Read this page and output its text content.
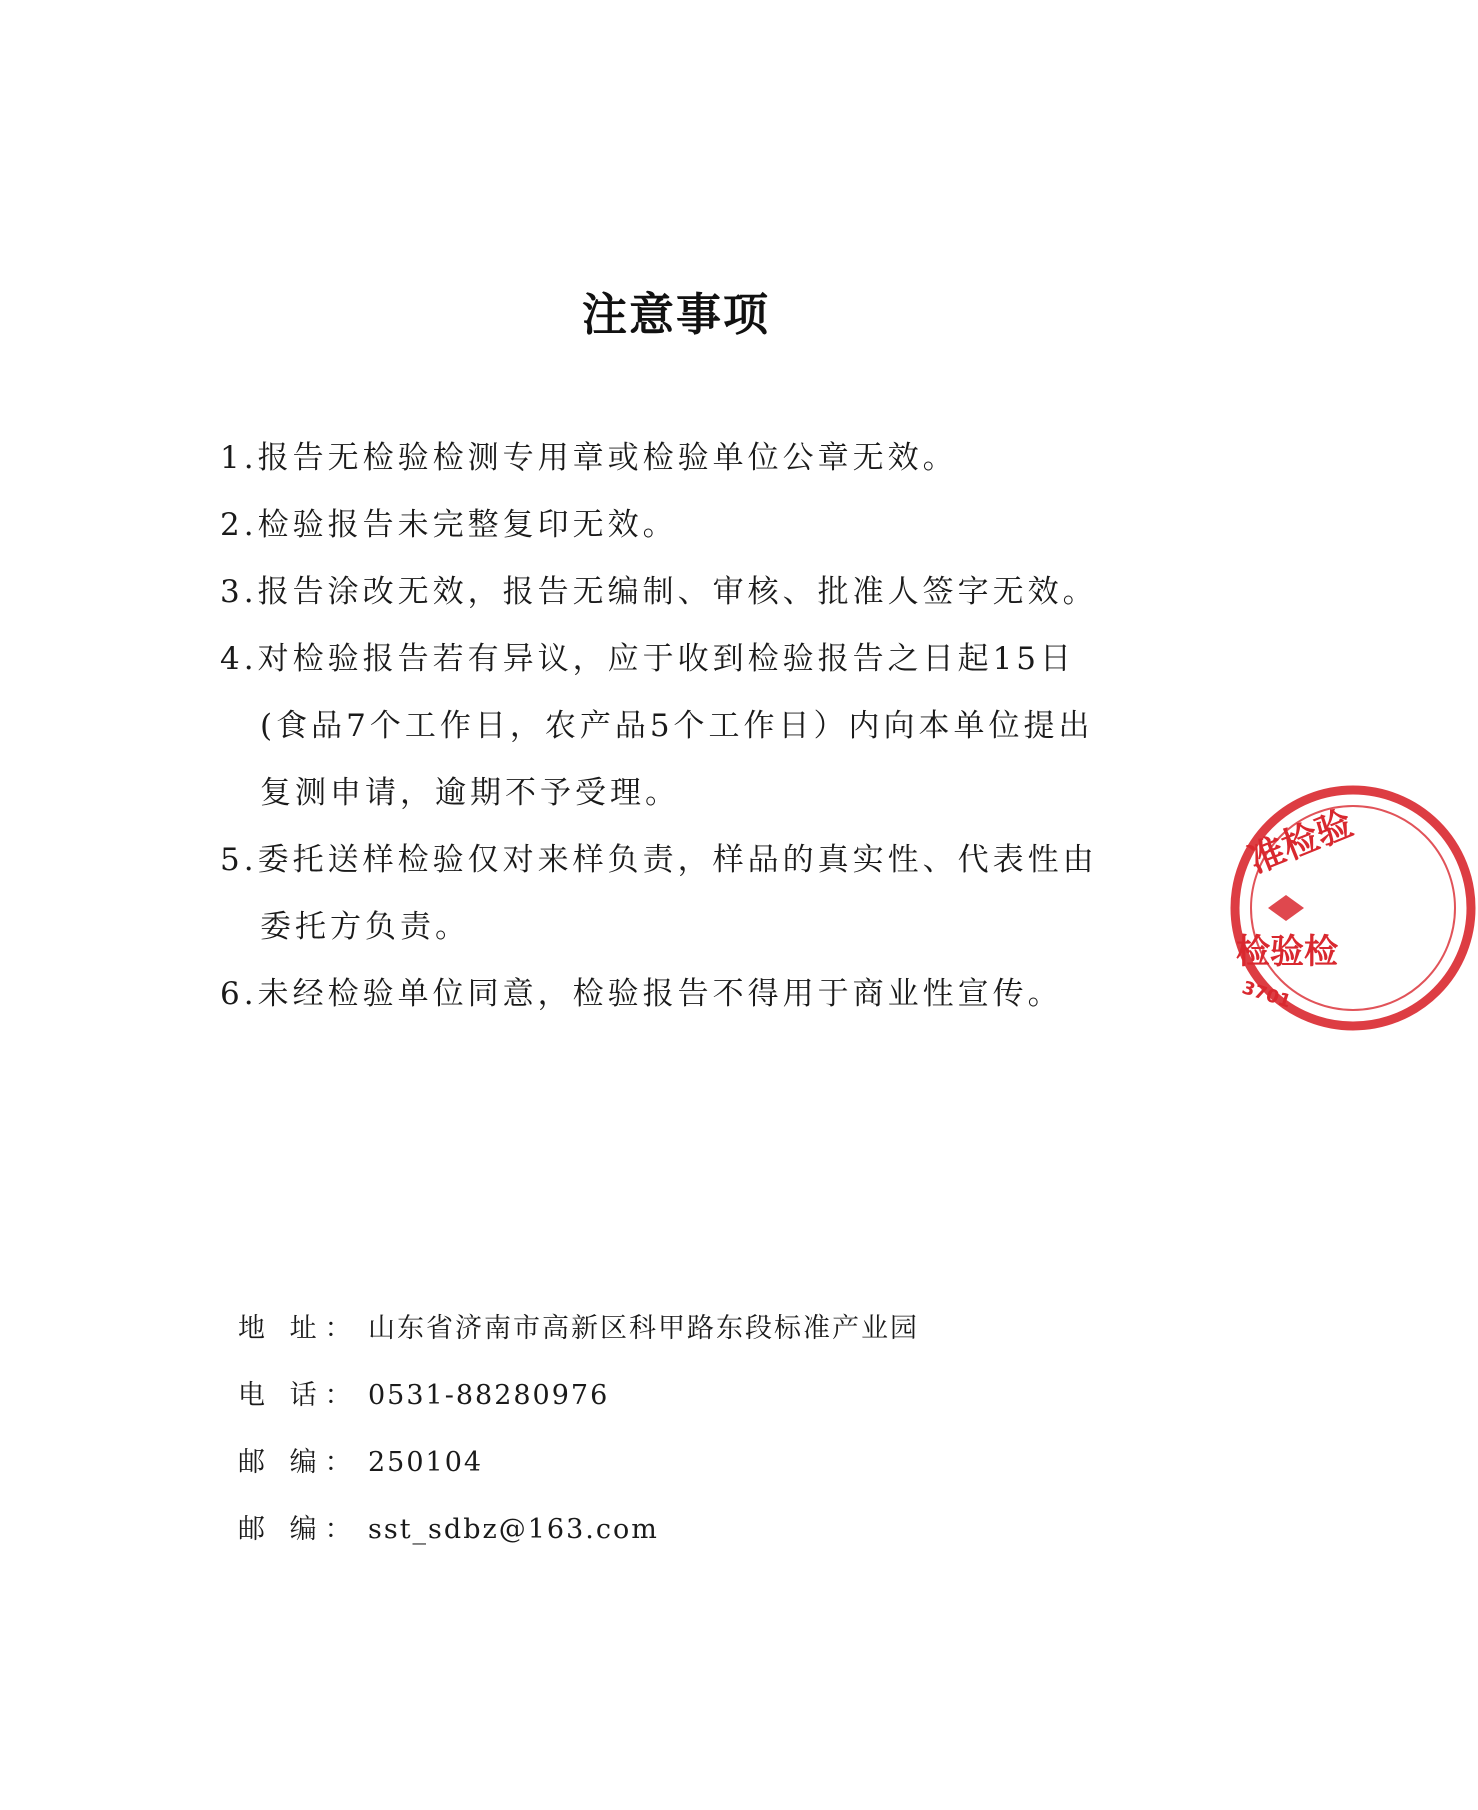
注意事项
1.报告无检验检测专用章或检验单位公章无效。
2.检验报告未完整复印无效。
3.报告涂改无效，报告无编制、审核、批准人签字无效。
4.对检验报告若有异议，应于收到检验报告之日起15日(食品7个工作日，农产品5个工作日）内向本单位提出复测申请，逾期不予受理。
5.委托送样检验仅对来样负责，样品的真实性、代表性由委托方负责。
6.未经检验单位同意，检验报告不得用于商业性宣传。
地 址： 山东省济南市高新区科甲路东段标准产业园
电 话： 0531-88280976
邮 编： 250104
邮 编： sst_sdbz@163.com
准检验
检验检
3701
